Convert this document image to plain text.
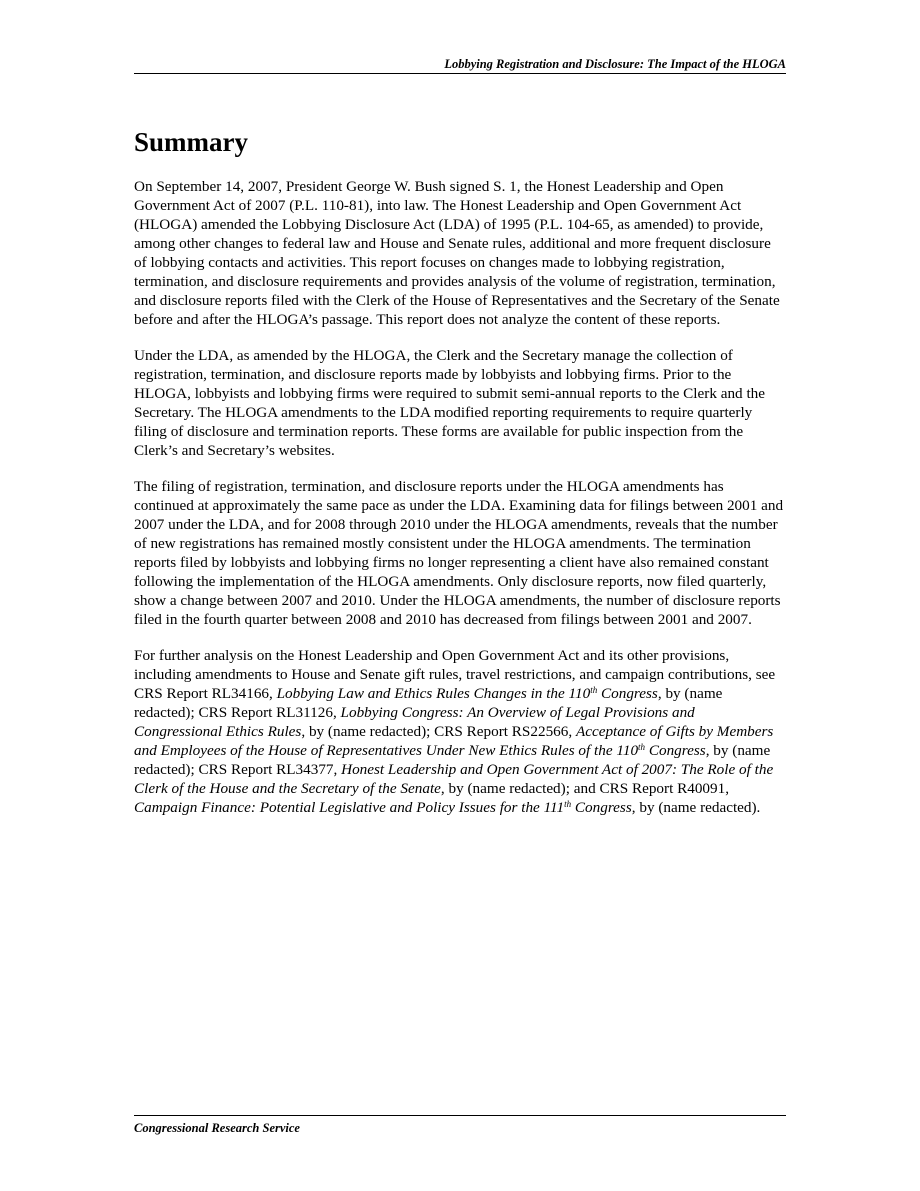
Lobbying Registration and Disclosure: The Impact of the HLOGA
Summary

On September 14, 2007, President George W. Bush signed S. 1, the Honest Leadership and Open Government Act of 2007 (P.L. 110-81), into law. The Honest Leadership and Open Government Act (HLOGA) amended the Lobbying Disclosure Act (LDA) of 1995 (P.L. 104-65, as amended) to provide, among other changes to federal law and House and Senate rules, additional and more frequent disclosure of lobbying contacts and activities. This report focuses on changes made to lobbying registration, termination, and disclosure requirements and provides analysis of the volume of registration, termination, and disclosure reports filed with the Clerk of the House of Representatives and the Secretary of the Senate before and after the HLOGA’s passage. This report does not analyze the content of these reports.

Under the LDA, as amended by the HLOGA, the Clerk and the Secretary manage the collection of registration, termination, and disclosure reports made by lobbyists and lobbying firms. Prior to the HLOGA, lobbyists and lobbying firms were required to submit semi-annual reports to the Clerk and the Secretary. The HLOGA amendments to the LDA modified reporting requirements to require quarterly filing of disclosure and termination reports. These forms are available for public inspection from the Clerk’s and Secretary’s websites.

The filing of registration, termination, and disclosure reports under the HLOGA amendments has continued at approximately the same pace as under the LDA. Examining data for filings between 2001 and 2007 under the LDA, and for 2008 through 2010 under the HLOGA amendments, reveals that the number of new registrations has remained mostly consistent under the HLOGA amendments. The termination reports filed by lobbyists and lobbying firms no longer representing a client have also remained constant following the implementation of the HLOGA amendments. Only disclosure reports, now filed quarterly, show a change between 2007 and 2010. Under the HLOGA amendments, the number of disclosure reports filed in the fourth quarter between 2008 and 2010 has decreased from filings between 2001 and 2007.

For further analysis on the Honest Leadership and Open Government Act and its other provisions, including amendments to House and Senate gift rules, travel restrictions, and campaign contributions, see CRS Report RL34166, Lobbying Law and Ethics Rules Changes in the 110th Congress, by (name redacted); CRS Report RL31126, Lobbying Congress: An Overview of Legal Provisions and Congressional Ethics Rules, by (name redacted); CRS Report RS22566, Acceptance of Gifts by Members and Employees of the House of Representatives Under New Ethics Rules of the 110th Congress, by (name redacted); CRS Report RL34377, Honest Leadership and Open Government Act of 2007: The Role of the Clerk of the House and the Secretary of the Senate, by (name redacted); and CRS Report R40091, Campaign Finance: Potential Legislative and Policy Issues for the 111th Congress, by (name redacted).

Congressional Research Service
